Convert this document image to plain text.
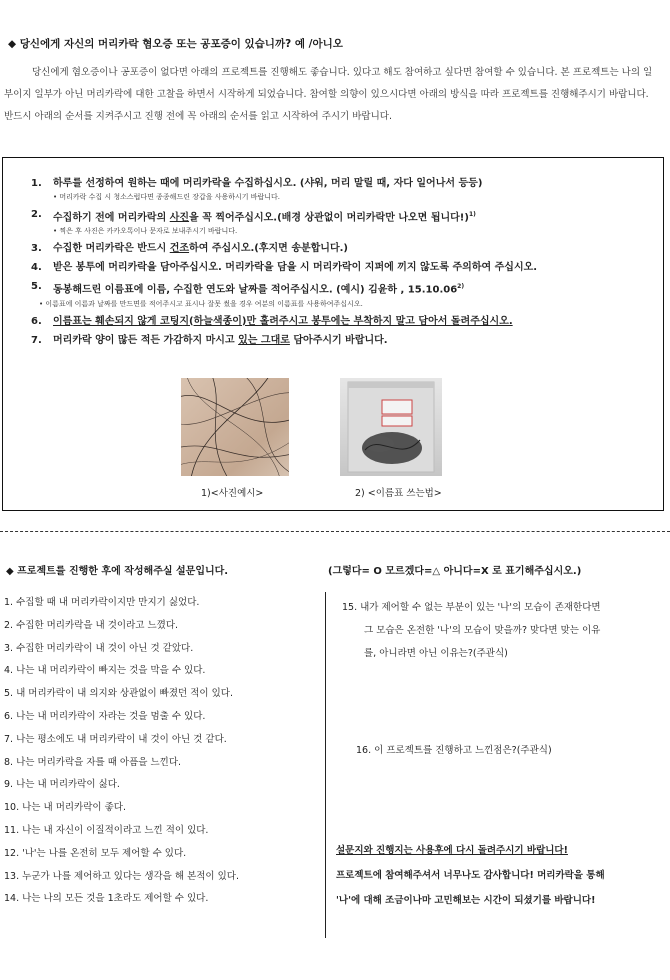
◆ 당신에게 자신의 머리카락 혐오증 또는 공포증이 있습니까? 예 /아니오
당신에게 혐오증이나 공포증이 없다면 아래의 프로젝트를 진행해도 좋습니다. 있다고 해도 참여하고 싶다면 참여할 수 있습니다. 본 프로젝트는 나의 일부이지 일부가 아닌 머리카락에 대한 고찰을 하면서 시작하게 되었습니다. 참여할 의향이 있으시다면 아래의 방식을 따라 프로젝트를 진행해주시기 바랍니다. 반드시 아래의 순서를 지켜주시고 진행 전에 꼭 아래의 순서를 읽고 시작하여 주시기 바랍니다.
1.	하루를 선정하여 원하는 때에 머리카락을 수집하십시오. (샤워, 머리 말릴 때, 자다 일어나서 등등)
• 머리카락 수집 시 청소스럽다면 종종해드린 장갑을 사용하시기 바랍니다.
2.	수집하기 전에 머리카락의 사진을 꼭 찍어주십시오.(배경 상관없이 머리카락만 나오면 됩니다!)$^{1)}$
• 찍은 후 사진은 카카오톡이나 문자로 보내주시기 바랍니다.
3.	수집한 머리카락은 반드시 건조하여 주십시오.(후지면 송분합니다.)
4.	받은 봉투에 머리카락을 담아주십시오. 머리카락을 담을 시 머리카락이 지퍼에 끼지 않도록 주의하여 주십시오.
5.	동봉해드린 이름표에 이름, 수집한 연도와 날짜를 적어주십시오. (예시) 김윤하 , 15.10.06$^{2)}$
• 이름표에 이름과 날짜를 만드면를 적어주시고 표시나 잘못 썼을 경우 여분의 이름표를 사용하여주십시오.
6.	이름표는 훼손되지 않게 코팅지(하늘색종이)만 홀려주시고 봉투에는 부착하지 말고 담아서 돌려주십시오.
7.	머리카락 양이 많든 적든 가감하지 마시고 있는 그대로 담아주시기 바랍니다.
1)<사진예시>	2) <이름표 쓰는법>
◆ 프로젝트를 진행한 후에 작성해주실 설문입니다.	(그렇다= O 모르겠다=△ 아니다=X 로 표기해주십시오.)

1. 수집할 때 내 머리카락이지만 만지기 싫었다.

2. 수집한 머리카락을 내 것이라고 느꼈다.

3. 수집한 머리카락이 내 것이 아닌 것 같았다.

4. 나는 내 머리카락이 빠지는 것을 막을 수 있다.

5. 내 머리카락이 내 의지와 상관없이 빠졌던 적이 있다.

6. 나는 내 머리카락이 자라는 것을 멈출 수 있다.

7. 나는 평소에도 내 머리카락이 내 것이 아닌 것 같다.

8. 나는 머리카락을 자를 때 아픔을 느낀다.

9. 나는 내 머리카락이 싫다.

10. 나는 내 머리카락이 좋다.

11. 나는 내 자신이 이질적이라고 느낀 적이 있다.

12. '나'는 나를 온전히 모두 제어할 수 있다.

13. 누군가 나를 제어하고 있다는 생각을 해 본적이 있다.

14. 나는 나의 모든 것을 1초라도 제어할 수 있다.

15. 내가 제어할 수 없는 부분이 있는 '나'의 모습이 존재한다면
그 모습은 온전한 '나'의 모습이 맞을까? 맞다면 맞는 이유
를, 아니라면 아닌 이유는?(주관식)
16. 이 프로젝트를 진행하고 느낀점은?(주관식)
설문지와 진행지는 사용후에 다시 돌려주시기 바랍니다!
프로젝트에 참여해주셔서 너무나도 감사합니다! 머리카락을 통해
'나'에 대해 조금이나마 고민해보는 시간이 되셨기를 바랍니다!
